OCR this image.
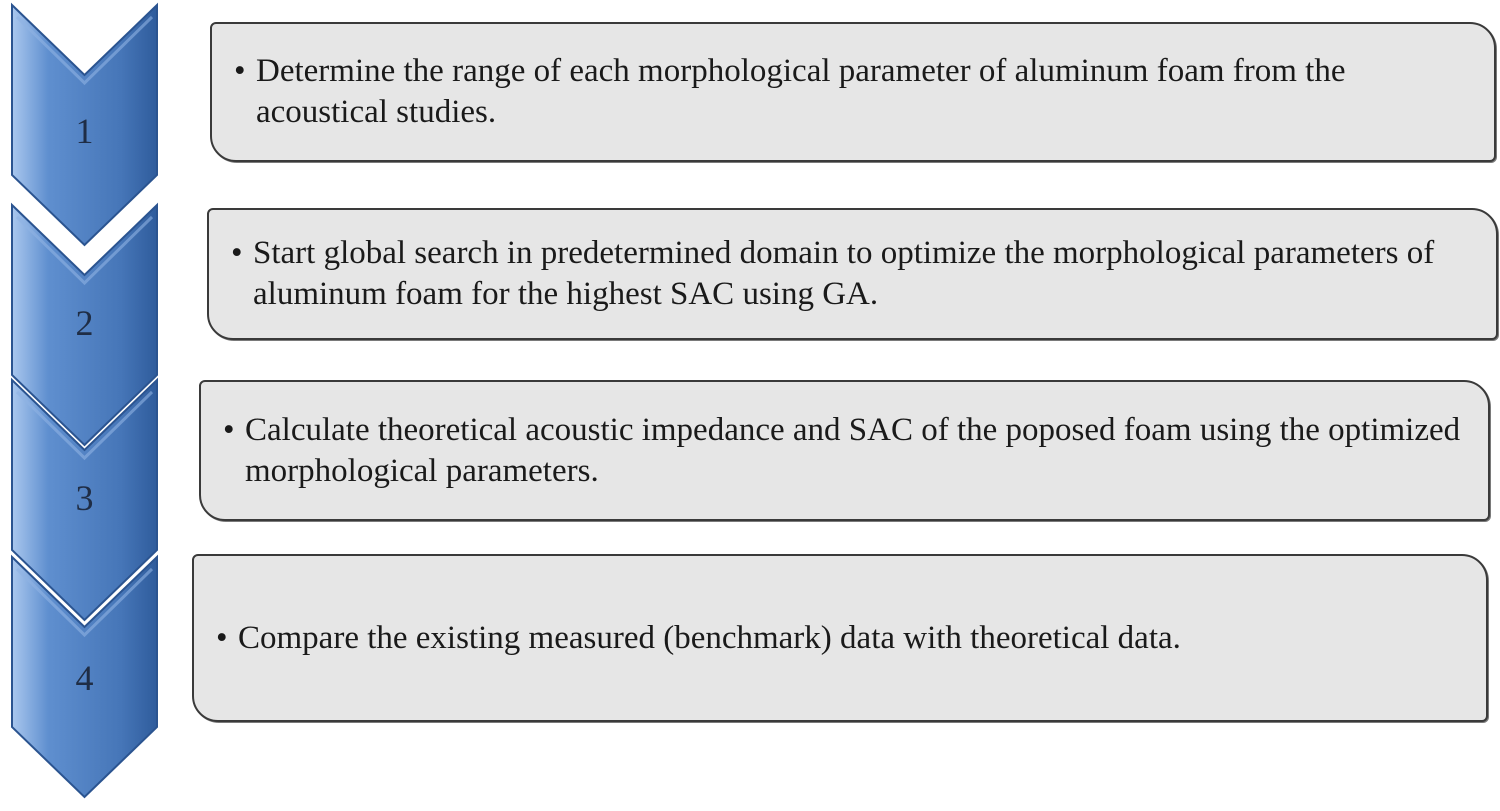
1
2
3
4
• Determine the range of each morphological parameter of aluminum foam from the acoustical studies.
• Start global search in predetermined domain to optimize the morphological parameters of aluminum foam for the highest SAC using GA.
• Calculate theoretical acoustic impedance and SAC of the poposed foam using the optimized morphological parameters.
• Compare the existing measured (benchmark) data with theoretical data.
